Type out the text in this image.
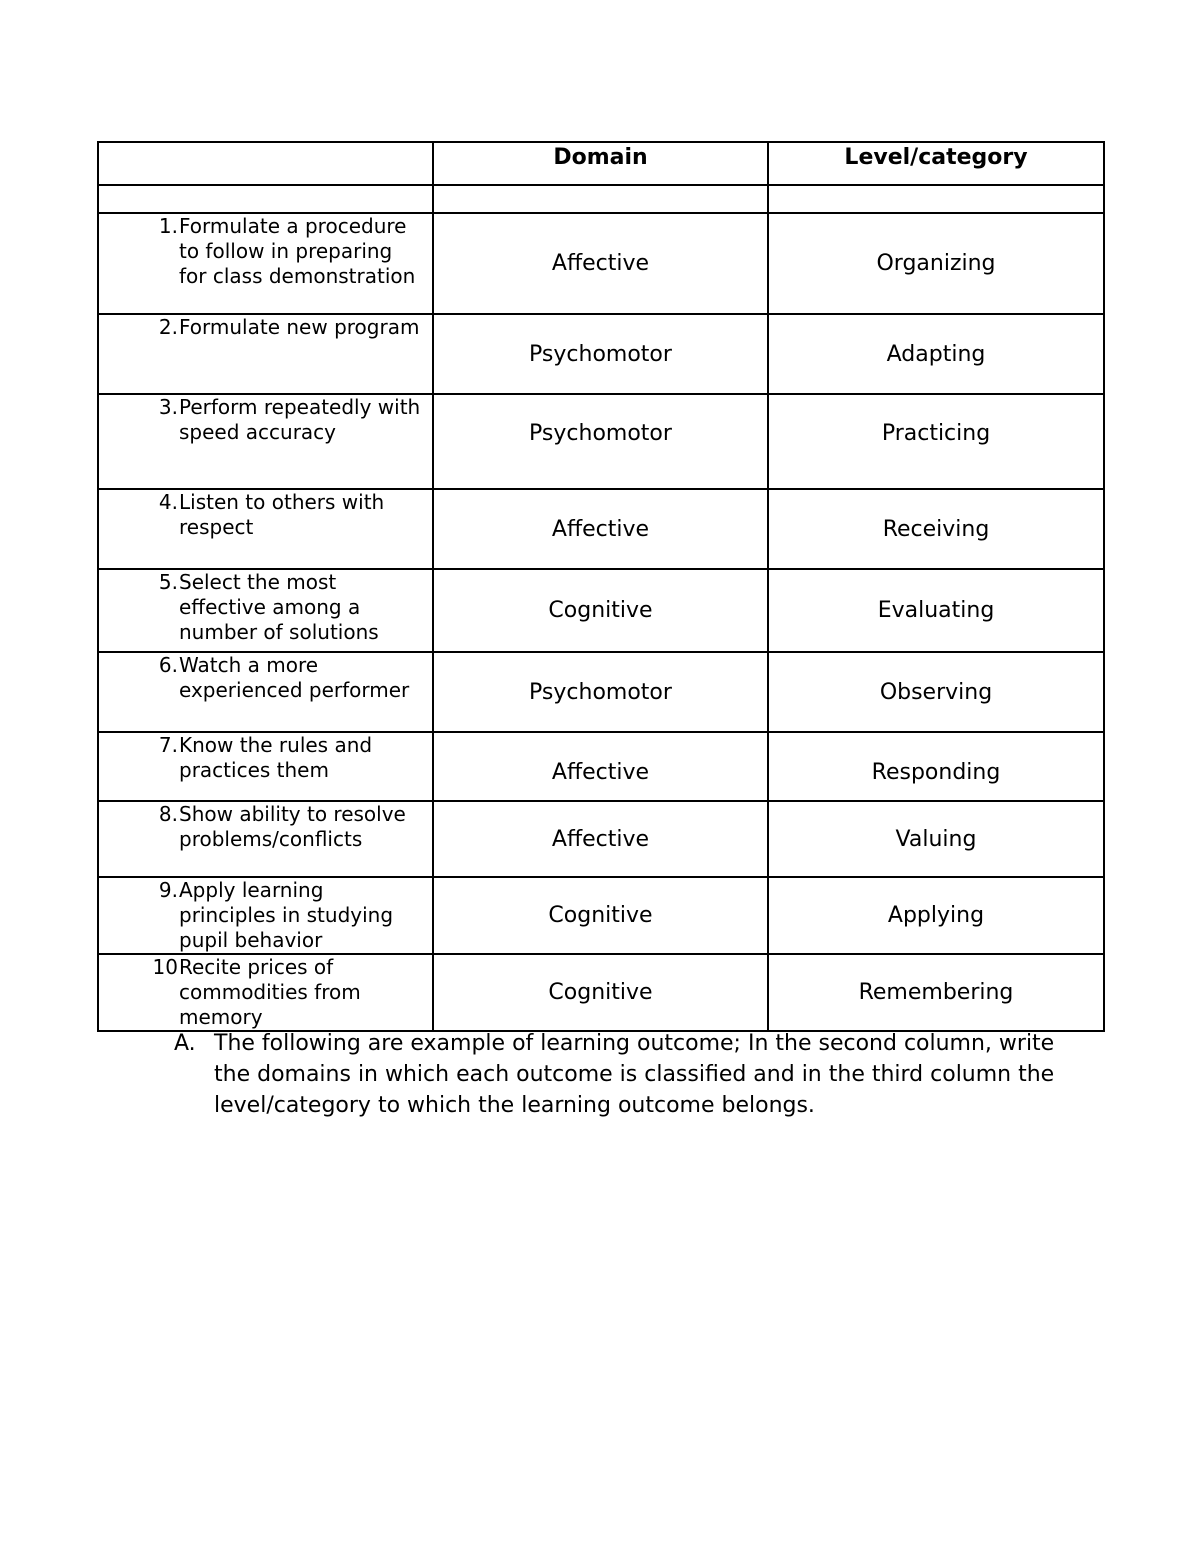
	Domain	Level/category

1. Formulate a procedure to follow in preparing for class demonstration	Affective	Organizing

2. Formulate new program	Psychomotor	Adapting

3. Perform repeatedly with speed accuracy	Psychomotor	Practicing

4. Listen to others with respect	Affective	Receiving

5. Select the most effective among a number of solutions	Cognitive	Evaluating

6. Watch a more experienced performer	Psychomotor	Observing

7. Know the rules and practices them	Affective	Responding

8. Show ability to resolve problems/conflicts	Affective	Valuing

9. Apply learning principles in studying pupil behavior	Cognitive	Applying

10 Recite prices of commodities from memory	Cognitive	Remembering
A. The following are example of learning outcome; In the second column, write the domains in which each outcome is classified and in the third column the level/category to which the learning outcome belongs.
